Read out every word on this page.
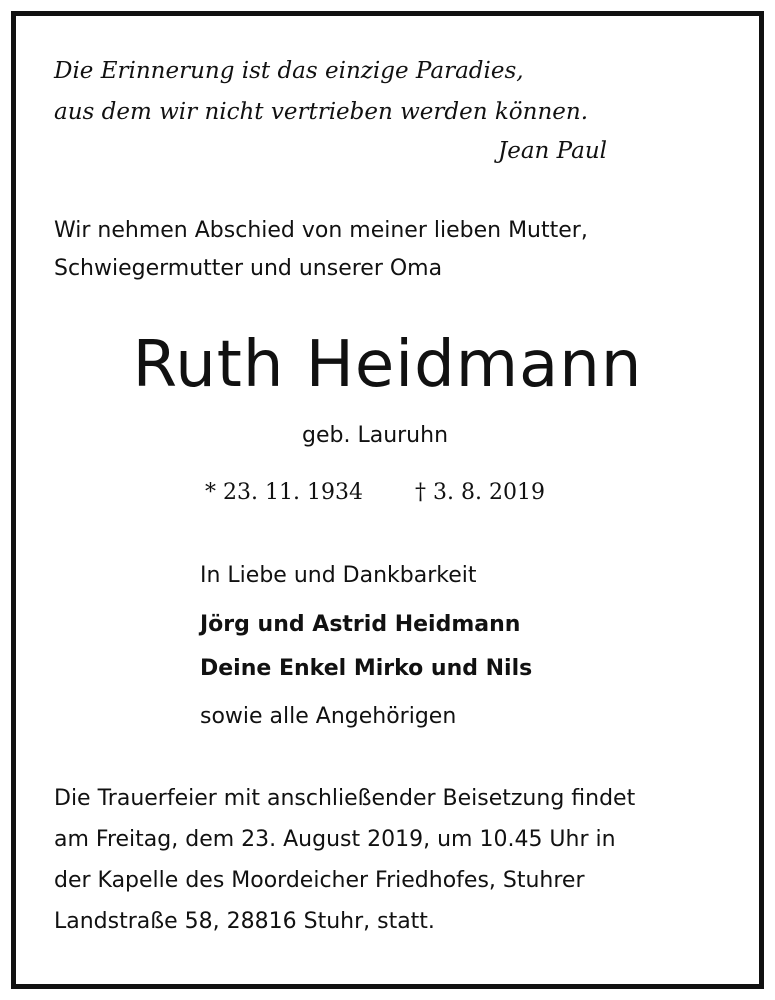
Die Erinnerung ist das einzige Paradies,
aus dem wir nicht vertrieben werden können.
Jean Paul
Wir nehmen Abschied von meiner lieben Mutter,
Schwiegermutter und unserer Oma
Ruth Heidmann
geb. Lauruhn
* 23. 11. 1934 † 3. 8. 2019
In Liebe und Dankbarkeit
Jörg und Astrid Heidmann
Deine Enkel Mirko und Nils
sowie alle Angehörigen
Die Trauerfeier mit anschließender Beisetzung findet
am Freitag, dem 23. August 2019, um 10.45 Uhr in
der Kapelle des Moordeicher Friedhofes, Stuhrer
Landstraße 58, 28816 Stuhr, statt.
